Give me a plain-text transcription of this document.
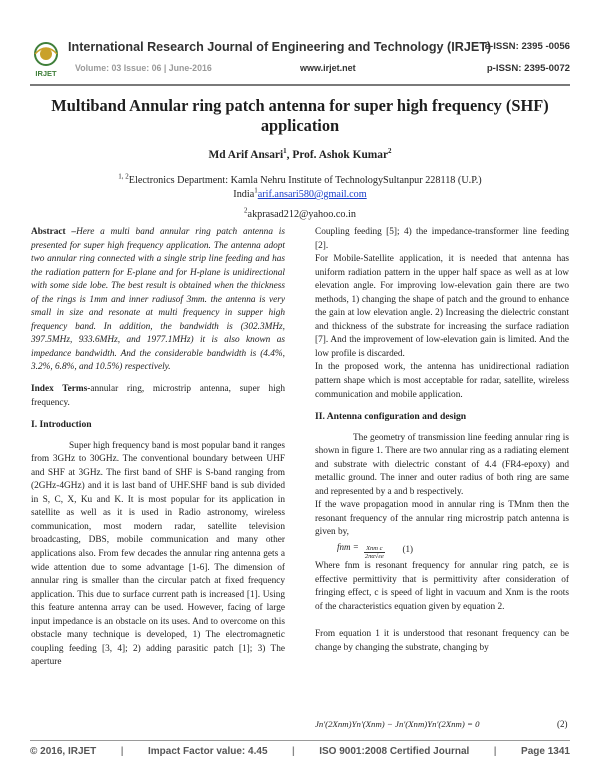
IRJET
International Research Journal of Engineering and Technology (IRJET)
e-ISSN: 2395 -0056
Volume: 03 Issue: 06 | June-2016	www.irjet.net	p-ISSN: 2395-0072
Multiband Annular ring patch antenna for super high frequency (SHF) application
Md Arif Ansari$^1$, Prof. Ashok Kumar$^2$
$^{1, 2}$Electronics Department: Kamla Nehru Institute of TechnologySultanpur 228118 (U.P.)
India$^1$arif.ansari580@gmail.com
$^2$akprasad212@yahoo.co.in

Abstract –Here a multi band annular ring patch antenna is presented for super high frequency application. The antenna adopt two annular ring connected with a single strip line feeding and has the radiation pattern for E-plane and for H-plane is unidirectional with some side lobe. The best result is obtained when the thickness of the rings is 1mm and inner radiusof 3mm. the antenna is very small in size and resonate at multi frequency in supper high frequency band. In addition, the bandwidth is (302.3MHz, 397.5MHz, 933.6MHz, and 1977.1MHz) it is also known as impedance bandwidth. And the considerable bandwidth is (4.4%, 3.2%, 6.8%, and 10.5%) respectively.

Index Terms-annular ring, microstrip antenna, super high frequency.

I. Introduction

Super high frequency band is most popular band it ranges from 3GHz to 30GHz. The conventional boundary between UHF and SHF at 3GHz. The first band of SHF is S-band ranging from (2GHz-4GHz) and it is last band of UHF.SHF band is sub divided in S, C, X, Ku and K. It is most popular for its application in satellite as well as it is used in Radio astronomy, wireless communication, most modern radar, satellite television broadcasting, DBS, mobile communication and many other applications also. From few decades the annular ring antenna gets a wide attention due to some advantage [1-6]. The dimension of annular ring is smaller than the circular patch at fixed frequency application. This due to surface current path is increased [1]. Using this feature antenna array can be used. However, facing of large input impedance is an obstacle on its uses. And to overcome on this obstacle many technique is developed, 1) The electromagnetic coupling feeding [3, 4]; 2) adding parasitic patch [1]; 3) The aperture

Coupling feeding [5]; 4) the impedance-transformer line feeding [2].

For Mobile-Satellite application, it is needed that antenna has uniform radiation pattern in the upper half space as well as at low elevation angle. For improving low-elevation gain there are two methods, 1) changing the shape of patch and the ground to enhance the gain at low elevation angle. 2) Increasing the dielectric constant and thickness of the substrate for increasing the surface radiation [7]. And the improvement of low-elevation gain is limited. And the low profile is discarded.

In the proposed work, the antenna has unidirectional radiation pattern shape which is most acceptable for radar, satellite, wireless communication and mobile application.

II. Antenna configuration and design

The geometry of transmission line feeding annular ring is shown in figure 1. There are two annular ring as a radiating element and substrate with dielectric constant of 4.4 (FR4-epoxy) and metallic ground. The inner and outer radius of both ring are same and represented by a and b respectively.

If the wave propagation mood in annular ring is TMnm then the resonant frequency of the annular ring microstrip patch antenna is given by,

fnm = $\frac{\text{Xnm c}}{2\pi\alpha√\varepsilon e} (1)$

Where fnm is resonant frequency for annular ring patch, εe is effective permittivity that is permittivity after consideration of fringing effect, c is speed of light in vacuum and Xnm is the roots of the characteristics equation given by equation 2.

From equation 1 it is understood that resonant frequency can be change by changing the substrate, changing by

Jn'(2Xnm)Yn'(Xnm) − Jn'(Xnm)Yn'(2Xnm) = 0	(2)
© 2016, IRJET | Impact Factor value: 4.45 | ISO 9001:2008 Certified Journal | Page 1341
